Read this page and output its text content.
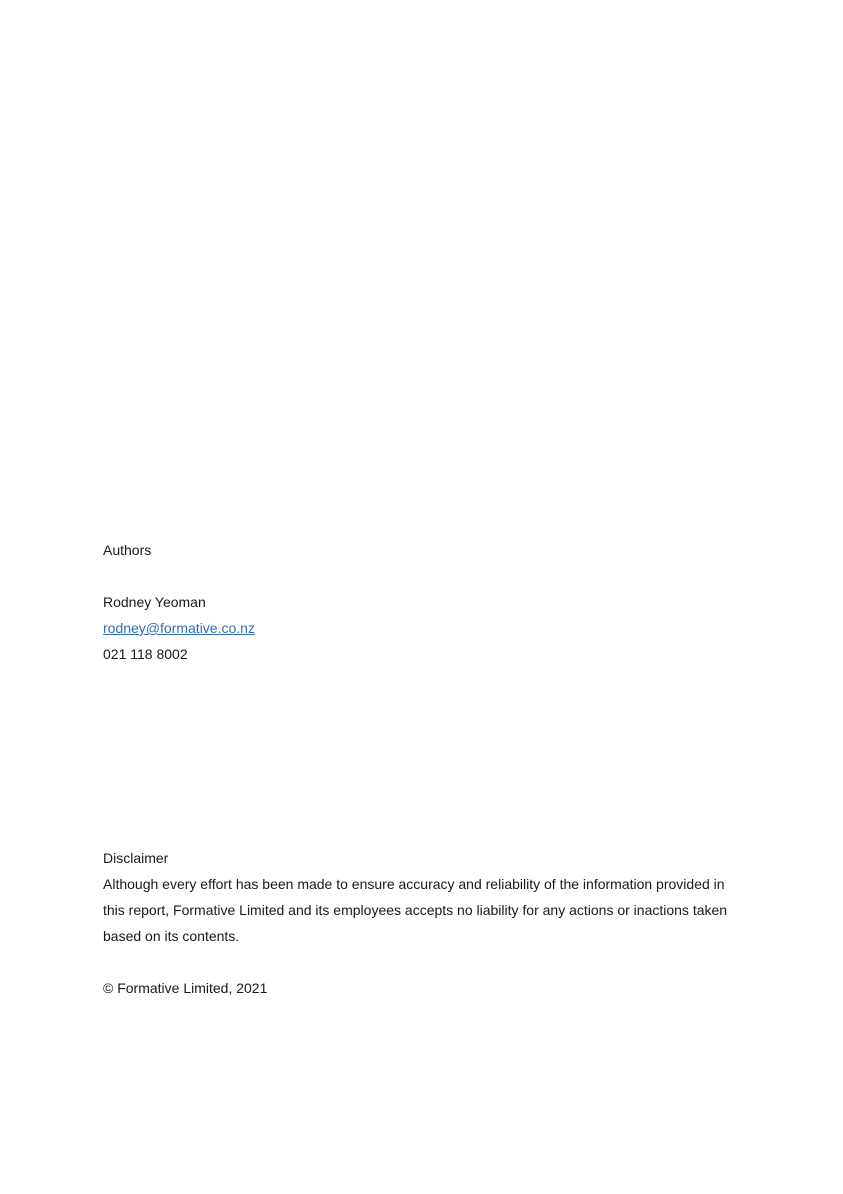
Authors
Rodney Yeoman
rodney@formative.co.nz
021 118 8002
Disclaimer
Although every effort has been made to ensure accuracy and reliability of the information provided in
this report, Formative Limited and its employees accepts no liability for any actions or inactions taken
based on its contents.
© Formative Limited, 2021
